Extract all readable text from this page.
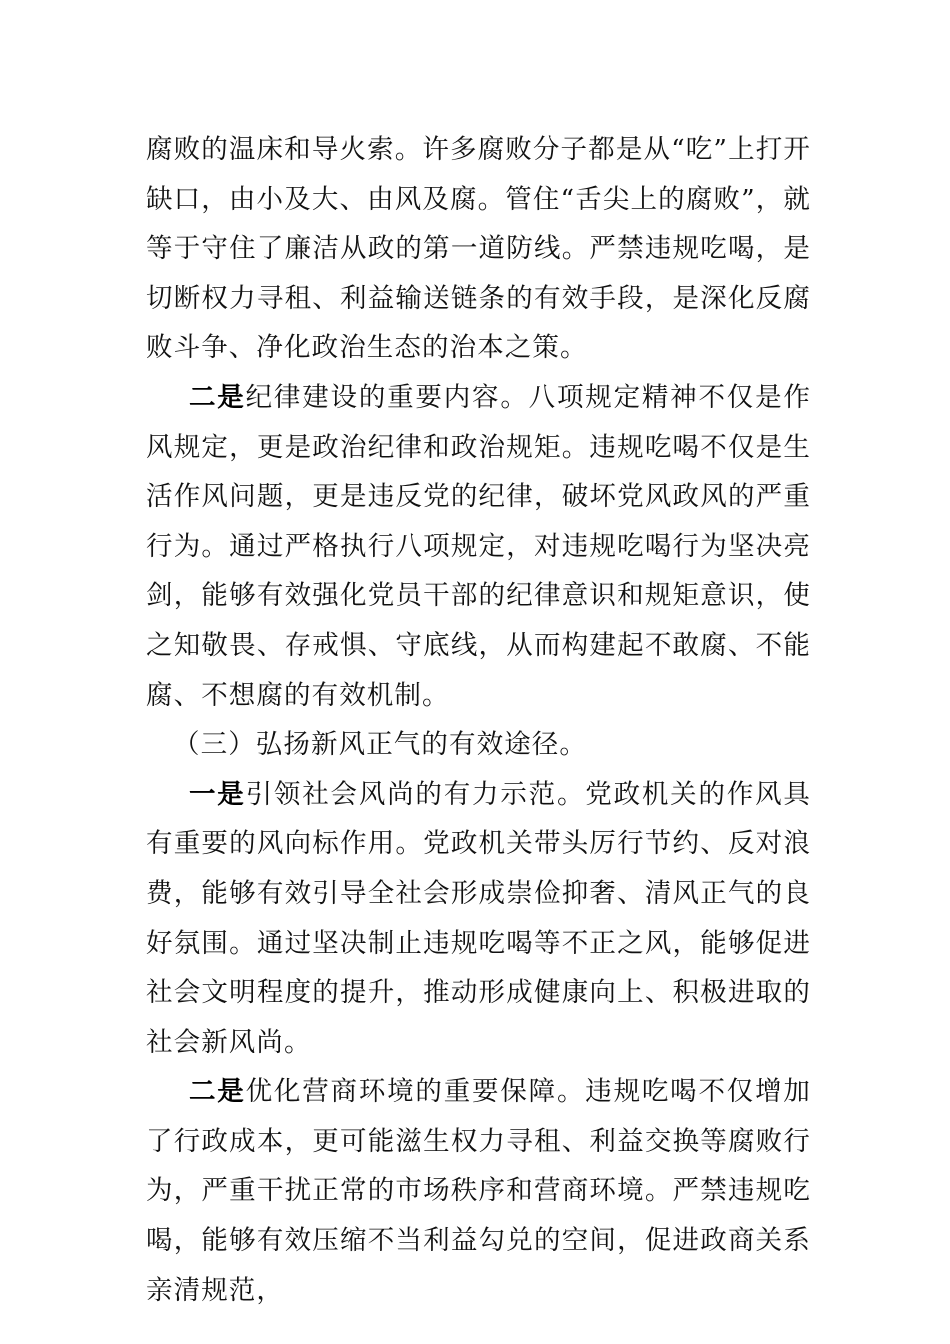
腐败的温床和导火索。许多腐败分子都是从“吃”上打开缺口，由小及大、由风及腐。管住“舌尖上的腐败”，就等于守住了廉洁从政的第一道防线。严禁违规吃喝，是切断权力寻租、利益输送链条的有效手段，是深化反腐败斗争、净化政治生态的治本之策。

二是纪律建设的重要内容。八项规定精神不仅是作风规定，更是政治纪律和政治规矩。违规吃喝不仅是生活作风问题，更是违反党的纪律，破坏党风政风的严重行为。通过严格执行八项规定，对违规吃喝行为坚决亮剑，能够有效强化党员干部的纪律意识和规矩意识，使之知敬畏、存戒惧、守底线，从而构建起不敢腐、不能腐、不想腐的有效机制。

（三）弘扬新风正气的有效途径。

一是引领社会风尚的有力示范。党政机关的作风具有重要的风向标作用。党政机关带头厉行节约、反对浪费，能够有效引导全社会形成崇俭抑奢、清风正气的良好氛围。通过坚决制止违规吃喝等不正之风，能够促进社会文明程度的提升，推动形成健康向上、积极进取的社会新风尚。

二是优化营商环境的重要保障。违规吃喝不仅增加了行政成本，更可能滋生权力寻租、利益交换等腐败行为，严重干扰正常的市场秩序和营商环境。严禁违规吃喝，能够有效压缩不当利益勾兑的空间，促进政商关系亲清规范，
